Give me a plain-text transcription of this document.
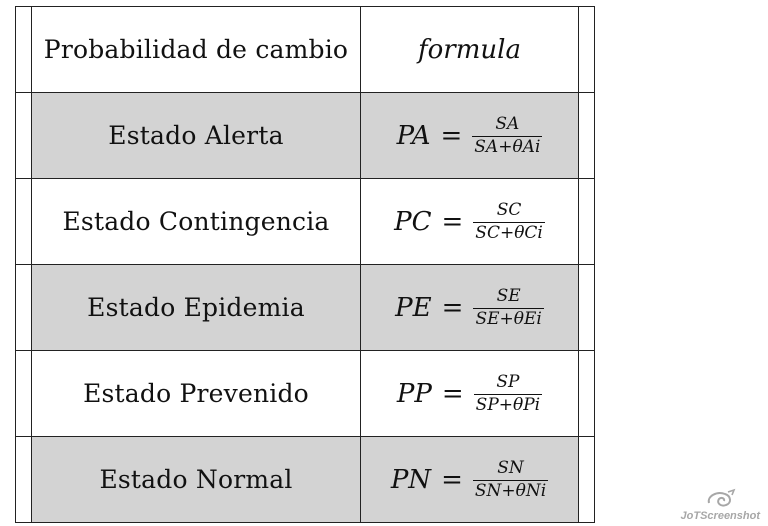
	Probabilidad de cambio	formula	
	Estado Alerta	PA = $\frac{SA}{\text{SA+θAi}}$

	Estado Contingencia	PC = $\frac{SC}{\text{SC+θCi}}$

	Estado Epidemia	PE = $\frac{SE}{\text{SE+θEi}}$

	Estado Prevenido	PP = $\frac{SP}{\text{SP+θPi}}$

	Estado Normal	PN = $\frac{SN}{\text{SN+θNi}}$

JoTScreenshot
